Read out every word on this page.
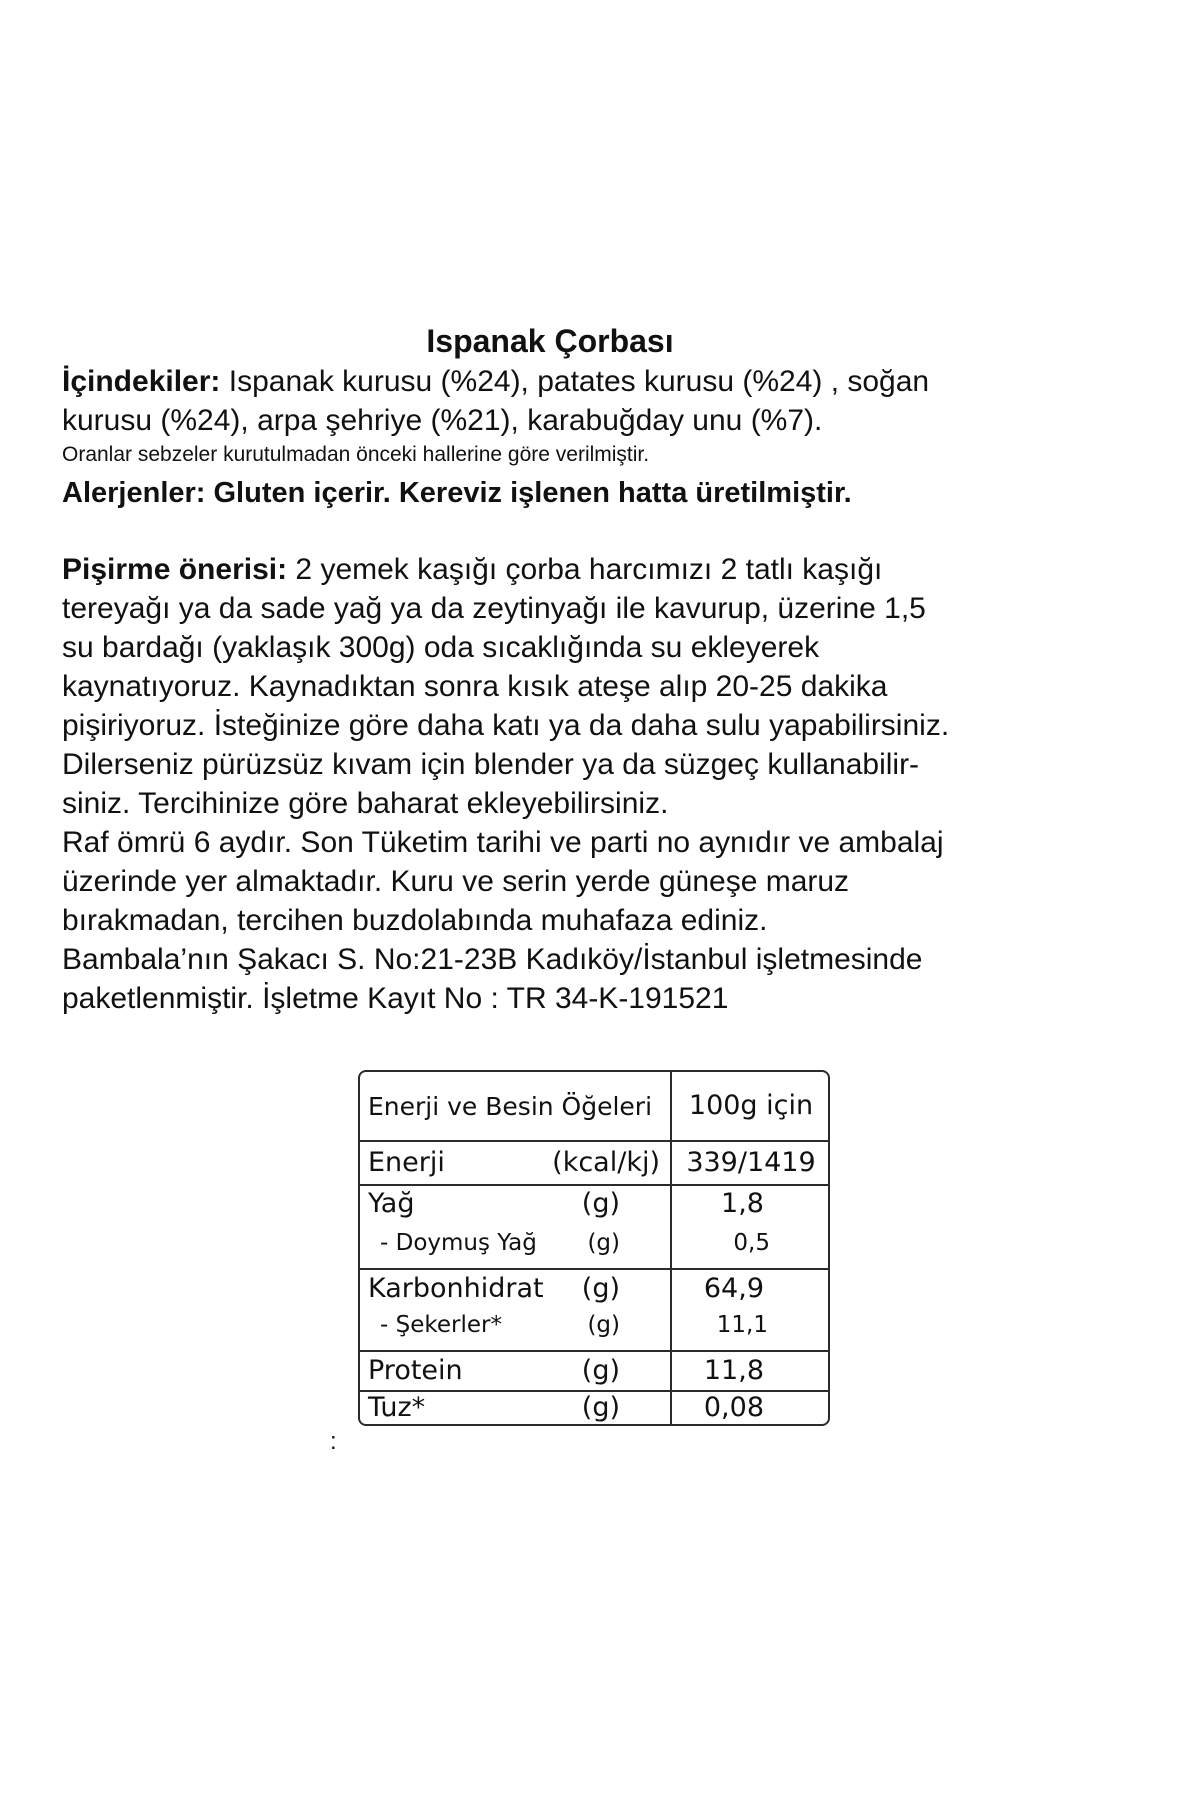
Ispanak Çorbası
İçindekiler: Ispanak kurusu (%24), patates kurusu (%24) , soğan
kurusu (%24), arpa şehriye (%21), karabuğday unu (%7).
Oranlar sebzeler kurutulmadan önceki hallerine göre verilmiştir.
Alerjenler: Gluten içerir. Kereviz işlenen hatta üretilmiştir.
Pişirme önerisi: 2 yemek kaşığı çorba harcımızı 2 tatlı kaşığı
tereyağı ya da sade yağ ya da zeytinyağı ile kavurup, üzerine 1,5
su bardağı (yaklaşık 300g) oda sıcaklığında su ekleyerek
kaynatıyoruz. Kaynadıktan sonra kısık ateşe alıp 20-25 dakika
pişiriyoruz. İsteğinize göre daha katı ya da daha sulu yapabilirsiniz.
Dilerseniz pürüzsüz kıvam için blender ya da süzgeç kullanabilir-
siniz. Tercihinize göre baharat ekleyebilirsiniz.
Raf ömrü 6 aydır. Son Tüketim tarihi ve parti no aynıdır ve ambalaj
üzerinde yer almaktadır. Kuru ve serin yerde güneşe maruz
bırakmadan, tercihen buzdolabında muhafaza ediniz.
Bambala’nın Şakacı S. No:21-23B Kadıköy/İstanbul işletmesinde
paketlenmiştir. İşletme Kayıt No : TR 34-K-191521
Enerji ve Besin Öğeleri	100g için
Enerji	(kcal/kj) 339/1419
Yağ	(g)	1,8
- Doymuş Yağ	(g)	0,5
Karbonhidrat	(g)	64,9
- Şekerler*	(g)	11,1
Protein	(g)	11,8
Tuz*	(g)	0,08
:
